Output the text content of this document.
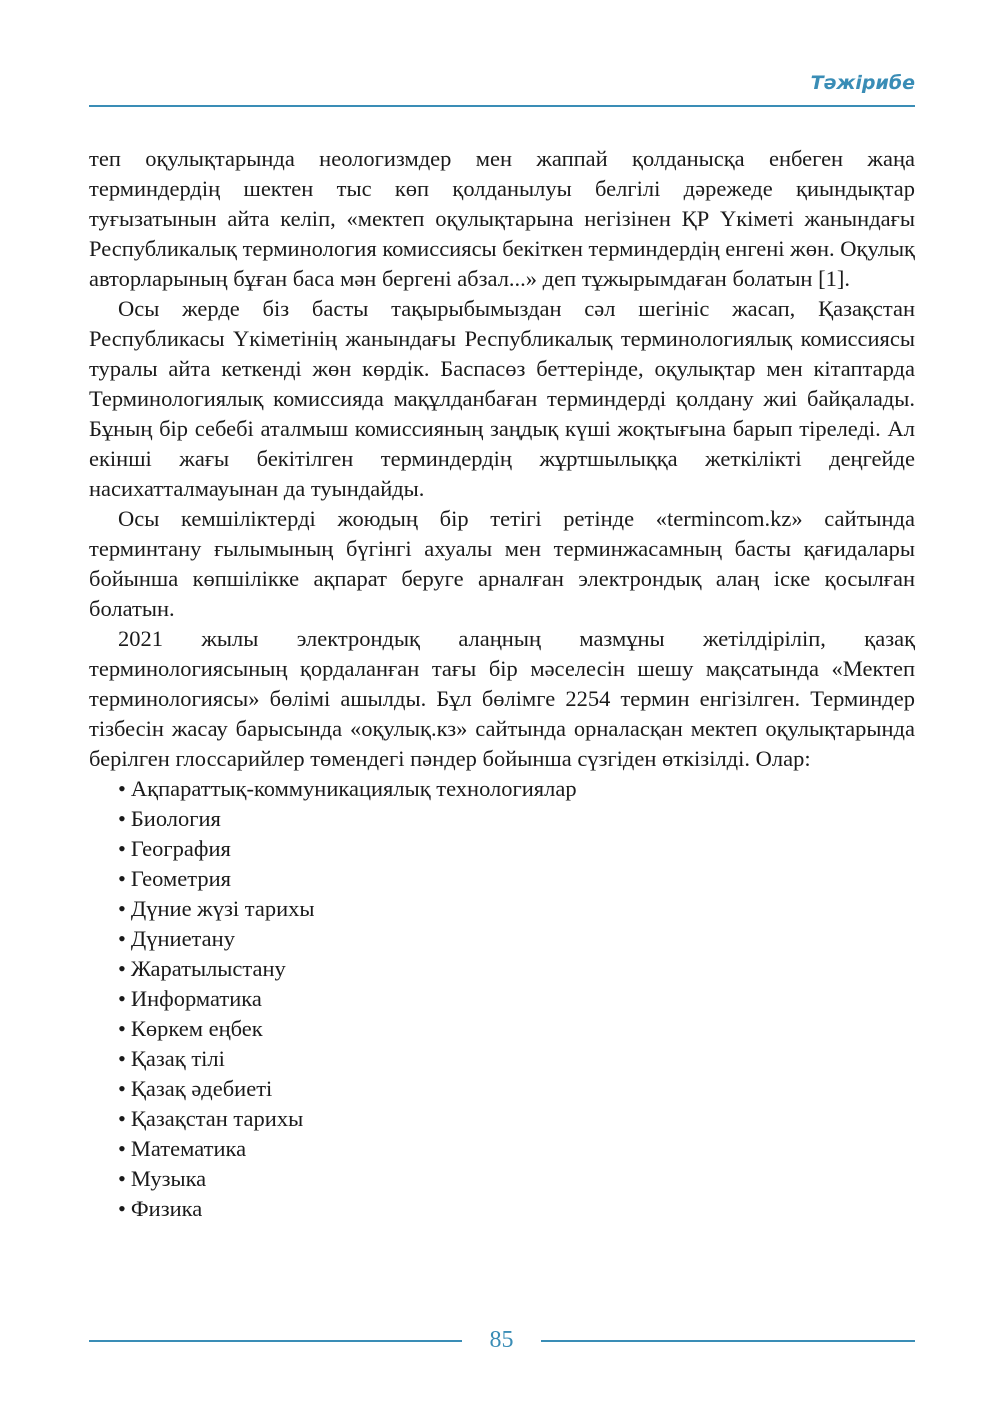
Тәжірибе

теп оқулықтарында неологизмдер мен жаппай қолданысқа енбеген жаңа терминдердің шектен тыс көп қолданылуы белгілі дәрежеде қиындықтар туғызатынын айта келіп, «мектеп оқулықтарына негізінен ҚР Үкіметі жанындағы Республикалық терминология комиссиясы бекіткен терминдердің енгені жөн. Оқулық авторларының бұған баса мән бергені абзал...» деп тұжырымдаған болатын [1].

Осы жерде біз басты тақырыбымыздан сәл шегініс жасап, Қазақстан Республикасы Үкіметінің жанындағы Республикалық терминологиялық комиссиясы туралы айта кеткенді жөн көрдік. Баспасөз беттерінде, оқулықтар мен кітаптарда Терминологиялық комиссияда мақұлданбаған терминдерді қолдану жиі байқалады. Бұның бір себебі аталмыш комиссияның заңдық күші жоқтығына барып тіреледі. Ал екінші жағы бекітілген терминдердің жұртшылыққа жеткілікті деңгейде насихатталмауынан да туындайды.

Осы кемшіліктерді жоюдың бір тетігі ретінде «termincom.kz» сайтында терминтану ғылымының бүгінгі ахуалы мен терминжасамның басты қағидалары бойынша көпшілікке ақпарат беруге арналған электрондық алаң іске қосылған болатын.

2021 жылы электрондық алаңның мазмұны жетілдіріліп, қазақ терминологиясының қордаланған тағы бір мәселесін шешу мақсатында «Мектеп терминологиясы» бөлімі ашылды. Бұл бөлімге 2254 термин енгізілген. Терминдер тізбесін жасау барысында «оқулық.кз» сайтында орналасқан мектеп оқулықтарында берілген глоссарийлер төмендегі пәндер бойынша сүзгіден өткізілді. Олар:

• Ақпараттық-коммуникациялық технологиялар
• Биология
• География
• Геометрия
• Дүние жүзі тарихы
• Дүниетану
• Жаратылыстану
• Информатика
• Көркем еңбек
• Қазақ тілі
• Қазақ әдебиеті
• Қазақстан тарихы
• Математика
• Музыка
• Физика
85
